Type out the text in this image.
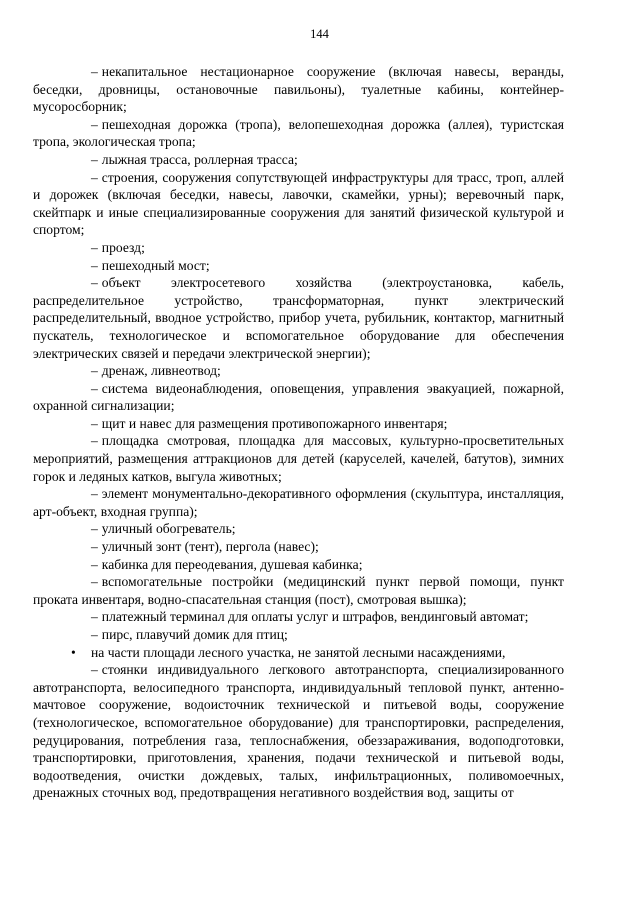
144

– некапитальное нестационарное сооружение (включая навесы, веранды, беседки, дровницы, остановочные павильоны), туалетные кабины, контейнер-мусоросборник;

– пешеходная дорожка (тропа), велопешеходная дорожка (аллея), туристская тропа, экологическая тропа;

– лыжная трасса, роллерная трасса;

– строения, сооружения сопутствующей инфраструктуры для трасс, троп, аллей и дорожек (включая беседки, навесы, лавочки, скамейки, урны); веревочный парк, скейтпарк и иные специализированные сооружения для занятий физической культурой и спортом;

– проезд;

– пешеходный мост;

– объект электросетевого хозяйства (электроустановка, кабель, распределительное устройство, трансформаторная, пункт электрический распределительный, вводное устройство, прибор учета, рубильник, контактор, магнитный пускатель, технологическое и вспомогательное оборудование для обеспечения электрических связей и передачи электрической энергии);

– дренаж, ливнеотвод;

– система видеонаблюдения, оповещения, управления эвакуацией, пожарной, охранной сигнализации;

– щит и навес для размещения противопожарного инвентаря;

– площадка смотровая, площадка для массовых, культурно-просветительных мероприятий, размещения аттракционов для детей (каруселей, качелей, батутов), зимних горок и ледяных катков, выгула животных;

– элемент монументально-декоративного оформления (скульптура, инсталляция, арт-объект, входная группа);

– уличный обогреватель;

– уличный зонт (тент), пергола (навес);

– кабинка для переодевания, душевая кабинка;

– вспомогательные постройки (медицинский пункт первой помощи, пункт проката инвентаря, водно-спасательная станция (пост), смотровая вышка);

– платежный терминал для оплаты услуг и штрафов, вендинговый автомат;

– пирс, плавучий домик для птиц;

• на части площади лесного участка, не занятой лесными насаждениями,

– стоянки индивидуального легкового автотранспорта, специализированного автотранспорта, велосипедного транспорта, индивидуальный тепловой пункт, антенно-мачтовое сооружение, водоисточник технической и питьевой воды, сооружение (технологическое, вспомогательное оборудование) для транспортировки, распределения, редуцирования, потребления газа, теплоснабжения, обеззараживания, водоподготовки, транспортировки, приготовления, хранения, подачи технической и питьевой воды, водоотведения, очистки дождевых, талых, инфильтрационных, поливомоечных, дренажных сточных вод, предотвращения негативного воздействия вод, защиты от
